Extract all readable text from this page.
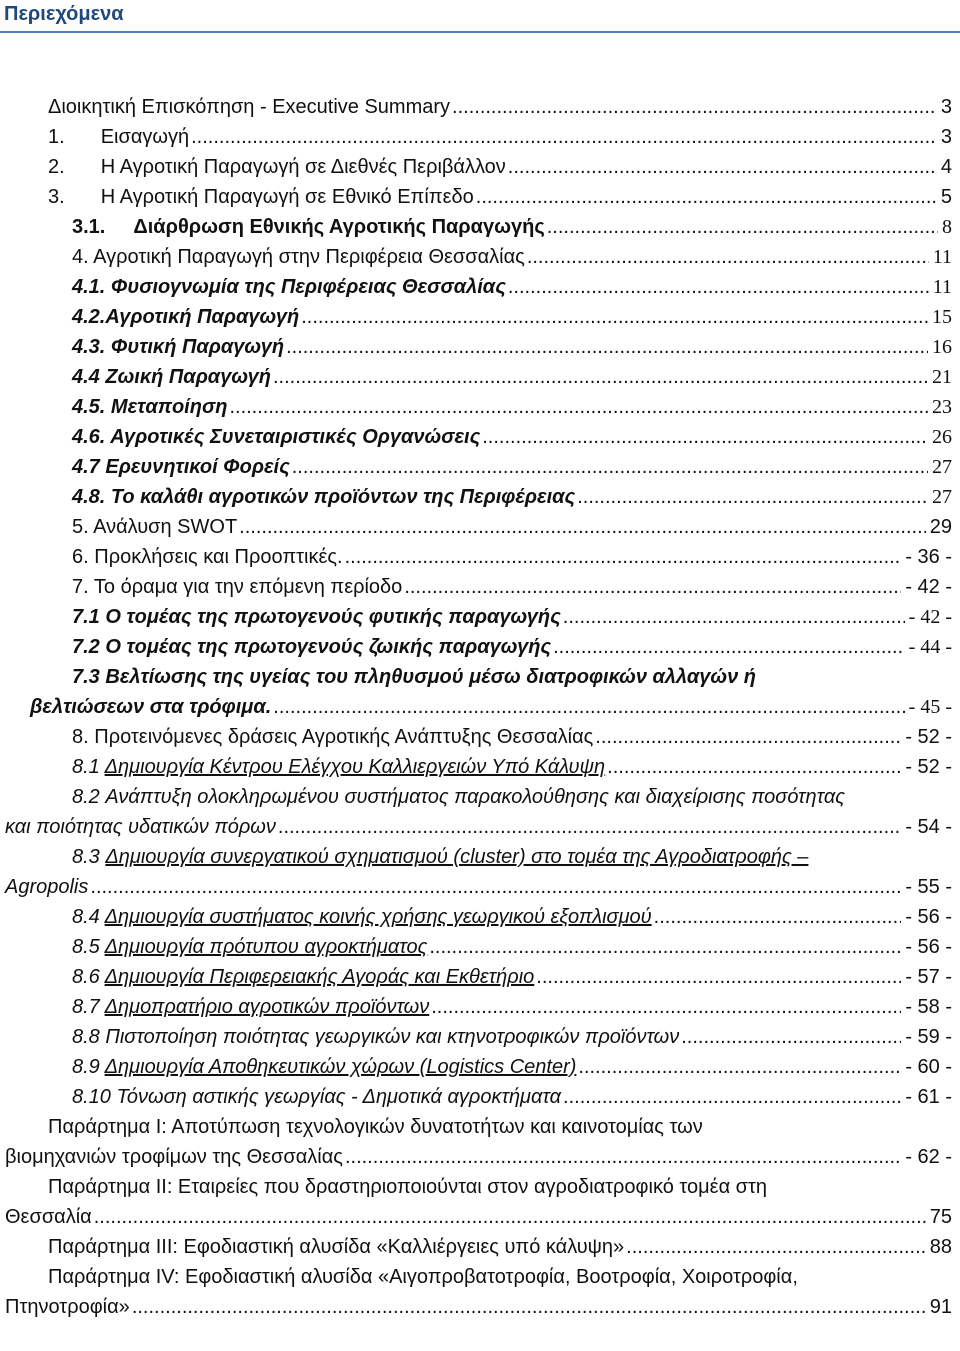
Περιεχόμενα
Διοικητική Επισκόπηση - Executive Summary .....	3
1. Εισαγωγή .....	3
2. Η Αγροτική Παραγωγή σε Διεθνές Περιβάλλον .....	4
3. Η Αγροτική Παραγωγή σε Εθνικό Επίπεδο .....	5
3.1. Διάρθρωση Εθνικής Αγροτικής Παραγωγής .....	8
4. Αγροτική Παραγωγή στην Περιφέρεια Θεσσαλίας .....	11
4.1. Φυσιογνωμία της Περιφέρειας Θεσσαλίας .....	11
4.2.Αγροτική Παραγωγή .....	15
4.3. Φυτική Παραγωγή .....	16
4.4 Ζωική Παραγωγή .....	21
4.5. Μεταποίηση .....	23
4.6. Αγροτικές Συνεταιριστικές Οργανώσεις .....	26
4.7 Ερευνητικοί Φορείς .....	27
4.8. Το καλάθι αγροτικών προϊόντων της Περιφέρειας .....	27
5. Ανάλυση SWOT .....	29
6. Προκλήσεις και Προοπτικές. .....	- 36 -
7. Το όραμα για την επόμενη περίοδο .....	- 42 -
7.1 Ο τομέας της πρωτογενούς φυτικής παραγωγής .....	- 42 -
7.2 Ο τομέας της πρωτογενούς ζωικής παραγωγής .....	- 44 -
7.3
Βελτίωσης της υγείας του πληθυσμού μέσω διατροφικών αλλαγών ή
βελτιώσεων στα τρόφιμα. .....	- 45 -
8. Προτεινόμενες δράσεις Αγροτικής Ανάπτυξης Θεσσαλίας .....	- 52 -
8.1 Δημιουργία Κέντρου Ελέγχου Καλλιεργειών Υπό Κάλυψη .....	- 52 -
8.2
Ανάπτυξη ολοκληρωμένου συστήματος παρακολούθησης και διαχείρισης ποσότητας
και ποιότητας υδατικών πόρων .....	- 54 -
8.3
Δημιουργία συνεργατικού σχηματισμού (cluster) στο τομέα της Αγροδιατροφής –
Agropolis .....	- 55 -
8.4 Δημιουργία συστήματος κοινής χρήσης γεωργικού εξοπλισμού .....	- 56 -
8.5 Δημιουργία πρότυπου αγροκτήματος .....	- 56 -
8.6 Δημιουργία Περιφερειακής Αγοράς και Εκθετήριο .....	- 57 -
8.7 Δημοπρατήριο αγροτικών προϊόντων .....	- 58 -
8.8 Πιστοποίηση ποιότητας γεωργικών και κτηνοτροφικών προϊόντων .....	- 59 -
8.9 Δημιουργία Αποθηκευτικών χώρων (Logistics Center) .....	- 60 -
8.10 Τόνωση αστικής γεωργίας - Δημοτικά αγροκτήματα .....	- 61 -
Παράρτημα Ι: Αποτύπωση τεχνολογικών δυνατοτήτων και καινοτομίας των
βιομηχανιών τροφίμων της Θεσσαλίας .....	- 62 -
Παράρτημα ΙΙ: Εταιρείες που δραστηριοποιούνται στον αγροδιατροφικό τομέα στη
Θεσσαλία .....	75
Παράρτημα ΙΙΙ: Εφοδιαστική αλυσίδα «Καλλιέργειες υπό κάλυψη» .....	88
Παράρτημα ΙV: Εφοδιαστική αλυσίδα «Αιγοπροβατοτροφία, Βοοτροφία, Χοιροτροφία,
Πτηνοτροφία» .....	91
